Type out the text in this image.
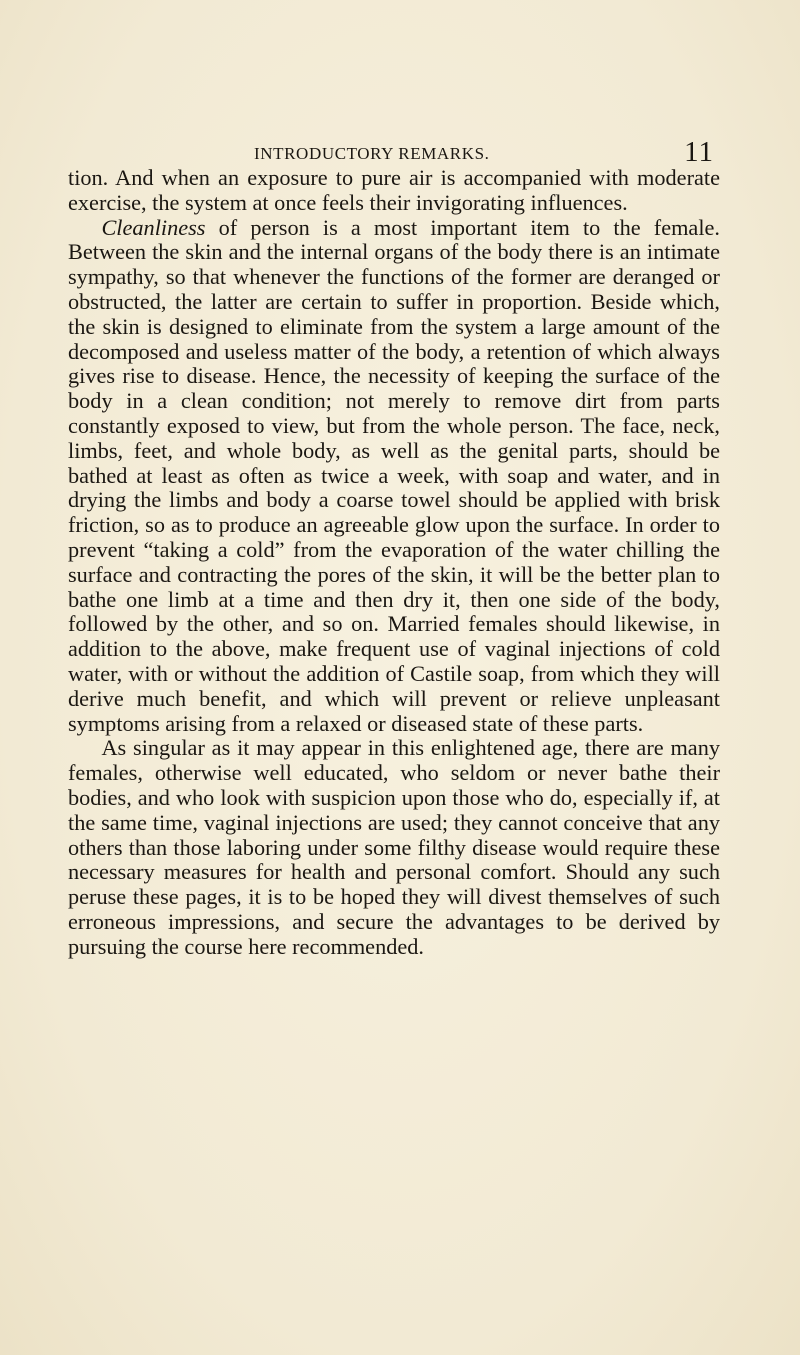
INTRODUCTORY REMARKS.	11

tion. And when an exposure to pure air is accompanied with moderate exercise, the system at once feels their invigorating influences.

Cleanliness of person is a most important item to the female. Between the skin and the internal organs of the body there is an intimate sympathy, so that whenever the functions of the former are deranged or obstructed, the latter are certain to suffer in proportion. Beside which, the skin is designed to eliminate from the system a large amount of the decomposed and useless matter of the body, a retention of which always gives rise to disease. Hence, the necessity of keeping the surface of the body in a clean condition; not merely to remove dirt from parts constantly exposed to view, but from the whole person. The face, neck, limbs, feet, and whole body, as well as the genital parts, should be bathed at least as often as twice a week, with soap and water, and in drying the limbs and body a coarse towel should be applied with brisk friction, so as to produce an agreeable glow upon the surface. In order to prevent “taking a cold” from the evaporation of the water chilling the surface and contracting the pores of the skin, it will be the better plan to bathe one limb at a time and then dry it, then one side of the body, followed by the other, and so on. Married females should likewise, in addition to the above, make frequent use of vaginal injections of cold water, with or without the addition of Castile soap, from which they will derive much benefit, and which will prevent or relieve unpleasant symptoms arising from a relaxed or diseased state of these parts.

As singular as it may appear in this enlightened age, there are many females, otherwise well educated, who seldom or never bathe their bodies, and who look with suspicion upon those who do, especially if, at the same time, vaginal injections are used; they cannot conceive that any others than those laboring under some filthy disease would require these necessary measures for health and personal comfort. Should any such peruse these pages, it is to be hoped they will divest themselves of such erroneous impressions, and secure the advantages to be derived by pursuing the course here recommended.
